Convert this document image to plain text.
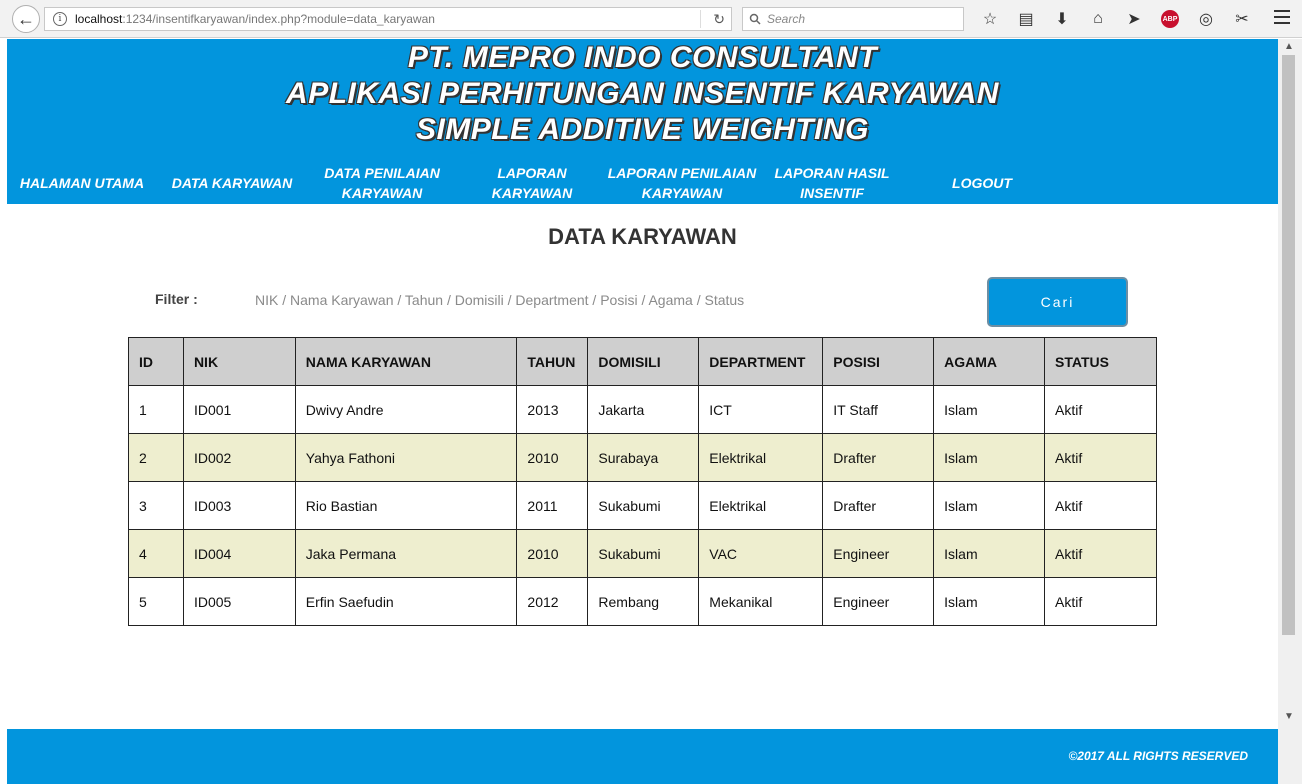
←	i	localhost :1234/insentifkaryawan/index.php?module=data_karyawan	↻	Search	☆	▤	⬇	⌂	➤	ABP	◎	✂
PT. MEPRO INDO CONSULTANT
APLIKASI PERHITUNGAN INSENTIF KARYAWAN
SIMPLE ADDITIVE WEIGHTING
HALAMAN UTAMA	DATA KARYAWAN
DATA PENILAIAN KARYAWAN
LAPORAN KARYAWAN
LAPORAN PENILAIAN KARYAWAN
LAPORAN HASIL INSENTIF
LOGOUT
DATA KARYAWAN
Filter :
NIK / Nama Karyawan / Tahun / Domisili / Department / Posisi / Agama / Status	Cari
ID	NIK	NAMA KARYAWAN	TAHUN	DOMISILI	DEPARTMENT	POSISI	AGAMA	STATUS
1	ID001	Dwivy Andre	2013	Jakarta	ICT	IT Staff	Islam	Aktif
2	ID002	Yahya Fathoni	2010	Surabaya	Elektrikal	Drafter	Islam	Aktif
3	ID003	Rio Bastian	2011	Sukabumi	Elektrikal	Drafter	Islam	Aktif
4	ID004	Jaka Permana	2010	Sukabumi	VAC	Engineer	Islam	Aktif
5	ID005	Erfin Saefudin	2012	Rembang	Mekanikal	Engineer	Islam	Aktif
©2017 ALL RIGHTS RESERVED
▲
▼
